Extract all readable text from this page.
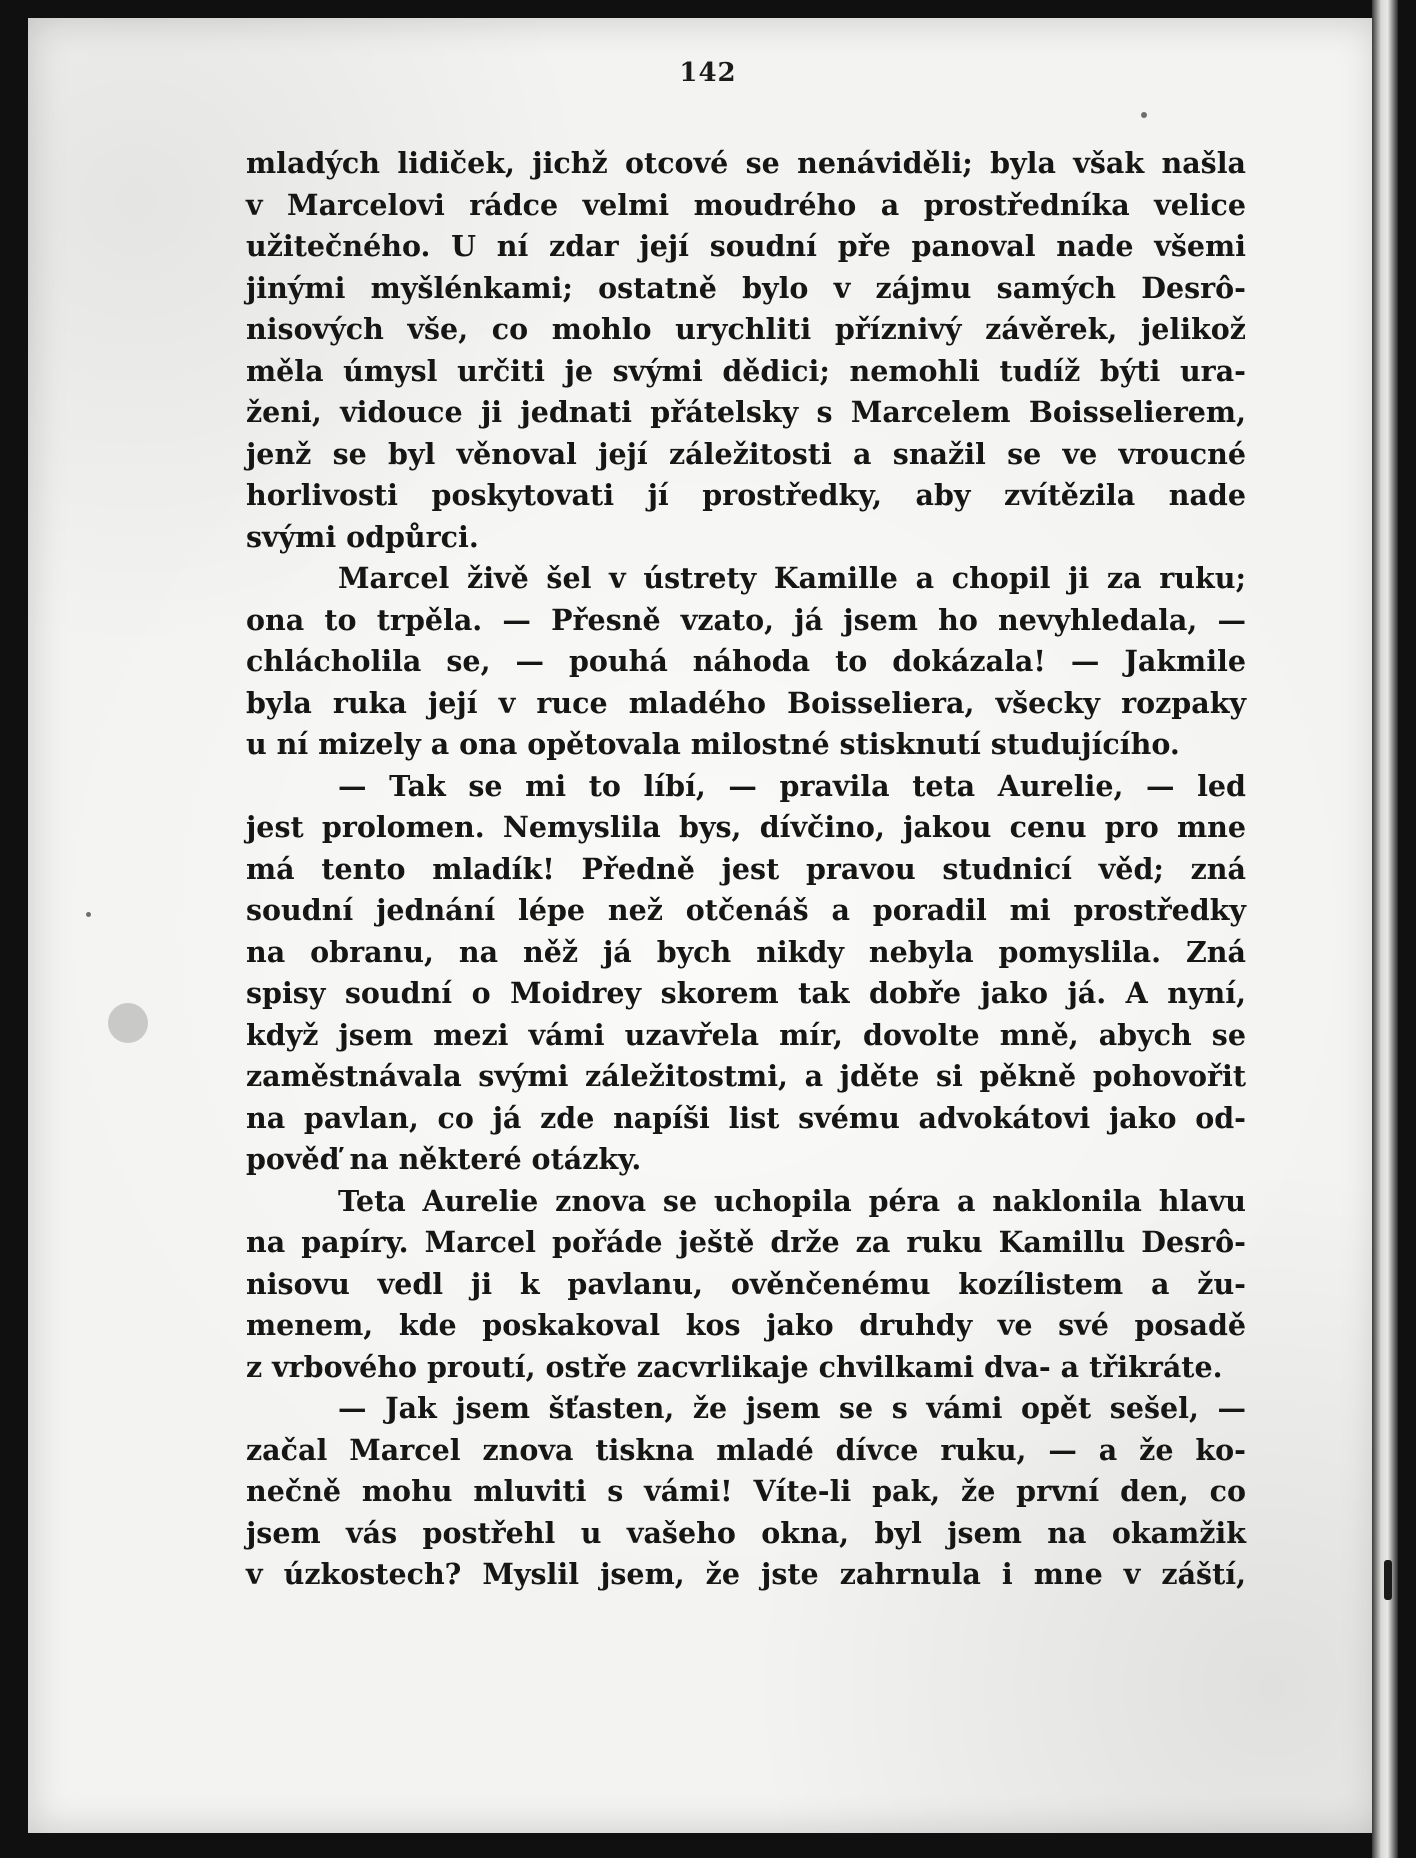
142
mladých lidiček, jichž otcové se nenáviděli; byla však našla
v Marcelovi rádce velmi moudrého a prostředníka velice
užitečného. U ní zdar její soudní pře panoval nade všemi
jinými myšlénkami; ostatně bylo v zájmu samých Desrô-
nisových vše, co mohlo urychliti příznivý závěrek, jelikož
měla úmysl určiti je svými dědici; nemohli tudíž býti ura-
ženi, vidouce ji jednati přátelsky s Marcelem Boisselierem,
jenž se byl věnoval její záležitosti a snažil se ve vroucné
horlivosti poskytovati jí prostředky, aby zvítězila nade
svými odpůrci.
Marcel živě šel v ústrety Kamille a chopil ji za ruku;
ona to trpěla. — Přesně vzato, já jsem ho nevyhledala, —
chlácholila se, — pouhá náhoda to dokázala! — Jakmile
byla ruka její v ruce mladého Boisseliera, všecky rozpaky
u ní mizely a ona opětovala milostné stisknutí studujícího.
— Tak se mi to líbí, — pravila teta Aurelie, — led
jest prolomen. Nemyslila bys, dívčino, jakou cenu pro mne
má tento mladík! Předně jest pravou studnicí věd; zná
soudní jednání lépe než otčenáš a poradil mi prostředky
na obranu, na něž já bych nikdy nebyla pomyslila. Zná
spisy soudní o Moidrey skorem tak dobře jako já. A nyní,
když jsem mezi vámi uzavřela mír, dovolte mně, abych se
zaměstnávala svými záležitostmi, a jděte si pěkně pohovořit
na pavlan, co já zde napíši list svému advokátovi jako od-
pověď na některé otázky.
Teta Aurelie znova se uchopila péra a naklonila hlavu
na papíry. Marcel pořáde ještě drže za ruku Kamillu Desrô-
nisovu vedl ji k pavlanu, ověnčenému kozílistem a žu-
menem, kde poskakoval kos jako druhdy ve své posadě
z vrbového proutí, ostře zacvrlikaje chvilkami dva- a třikráte.
— Jak jsem šťasten, že jsem se s vámi opět sešel, —
začal Marcel znova tiskna mladé dívce ruku, — a že ko-
nečně mohu mluviti s vámi! Víte-li pak, že první den, co
jsem vás postřehl u vašeho okna, byl jsem na okamžik
v úzkostech? Myslil jsem, že jste zahrnula i mne v záští,
